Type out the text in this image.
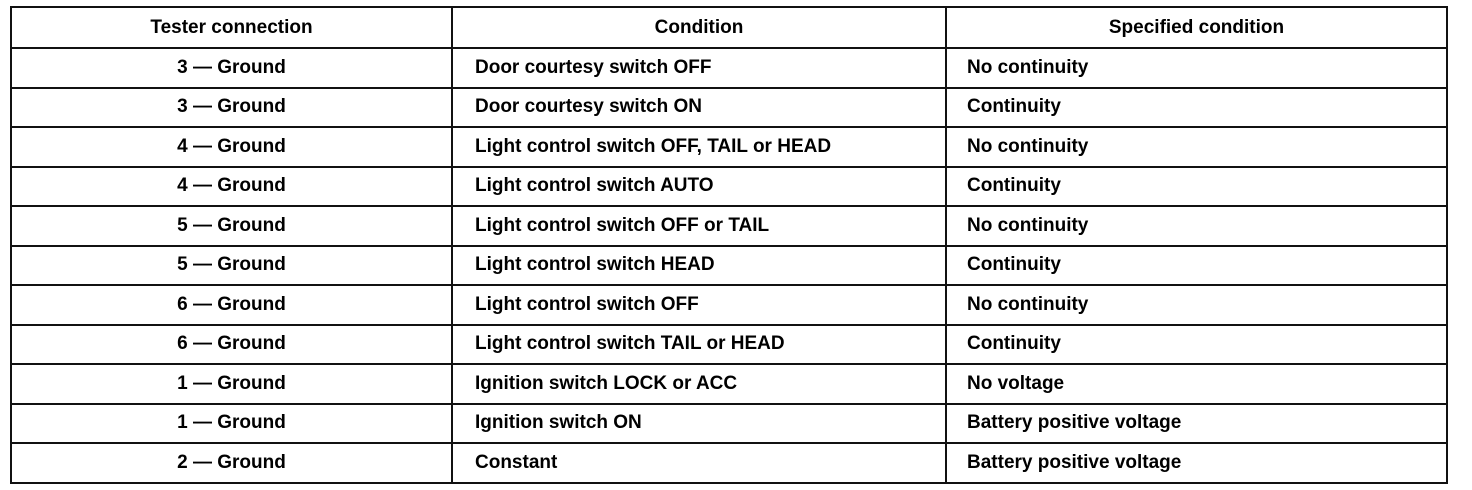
Tester connection	Condition	Specified condition
3 — Ground	Door courtesy switch OFF	No continuity
3 — Ground	Door courtesy switch ON	Continuity
4 — Ground	Light control switch OFF, TAIL or HEAD	No continuity
4 — Ground	Light control switch AUTO	Continuity
5 — Ground	Light control switch OFF or TAIL	No continuity
5 — Ground	Light control switch HEAD	Continuity
6 — Ground	Light control switch OFF	No continuity
6 — Ground	Light control switch TAIL or HEAD	Continuity
1 — Ground	Ignition switch LOCK or ACC	No voltage
1 — Ground	Ignition switch ON	Battery positive voltage
2 — Ground	Constant	Battery positive voltage
